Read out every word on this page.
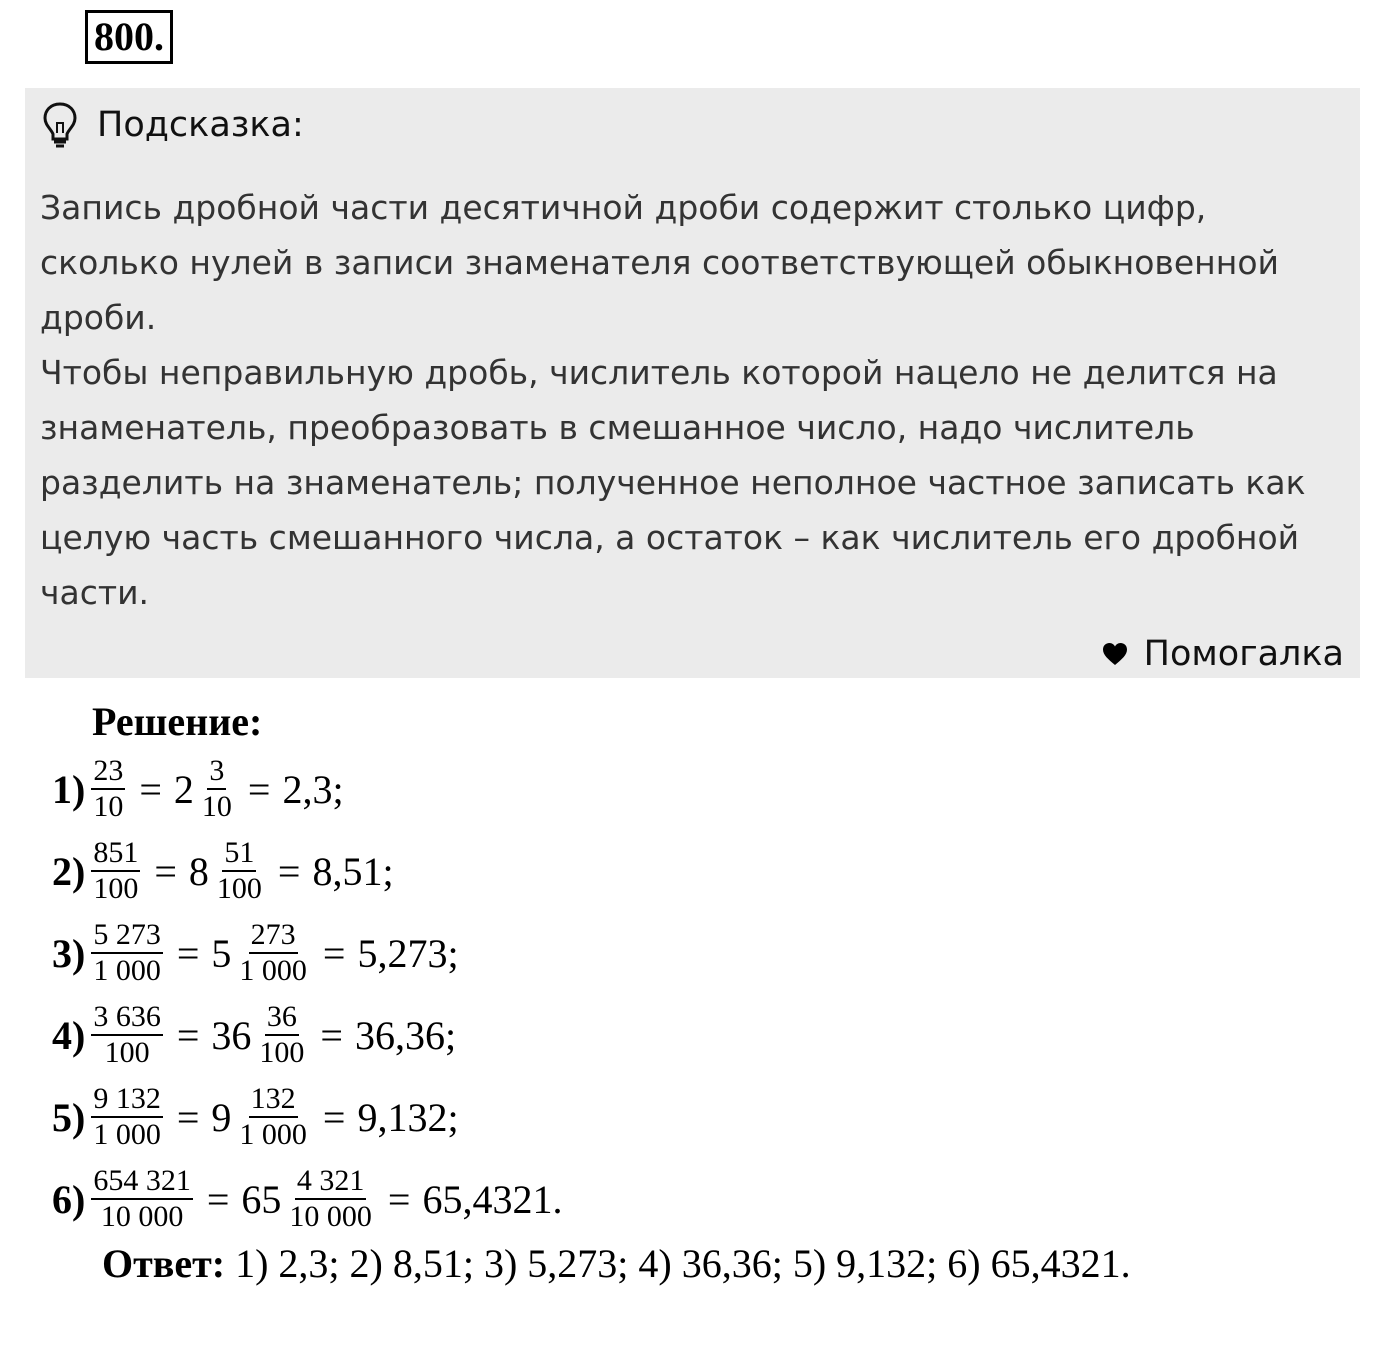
800.
Подсказка:

Запись дробной части десятичной дроби содержит столько цифр, сколько нулей в записи знаменателя соответствующей обыкновенной дроби.

Чтобы неправильную дробь, числитель которой нацело не делится на знаменатель, преобразовать в смешанное число, надо числитель разделить на знаменатель; полученное неполное частное записать как целую часть смешанного числа, а остаток – как числитель его дробной части.

Помогалка
Решение:
$1) \frac{23}{10} = 2 \frac{3}{10} = 2,3$;
$2) \frac{851}{100} = 8 \frac{51}{100} = 8,51$;
$3) \frac{5 273}{1 000} = 5 \frac{273}{1 000} = 5,273$;
$4) \frac{3 636}{100} = 36 \frac{36}{100} = 36,36$;
$5) \frac{9 132}{1 000} = 9 \frac{132}{1 000} = 9,132$;
$6) \frac{654 321}{10 000} = 65 \frac{4 321}{10 000} = 65,4321$.
Ответ: 1) 2,3; 2) 8,51; 3) 5,273; 4) 36,36; 5) 9,132; 6) 65,4321.
